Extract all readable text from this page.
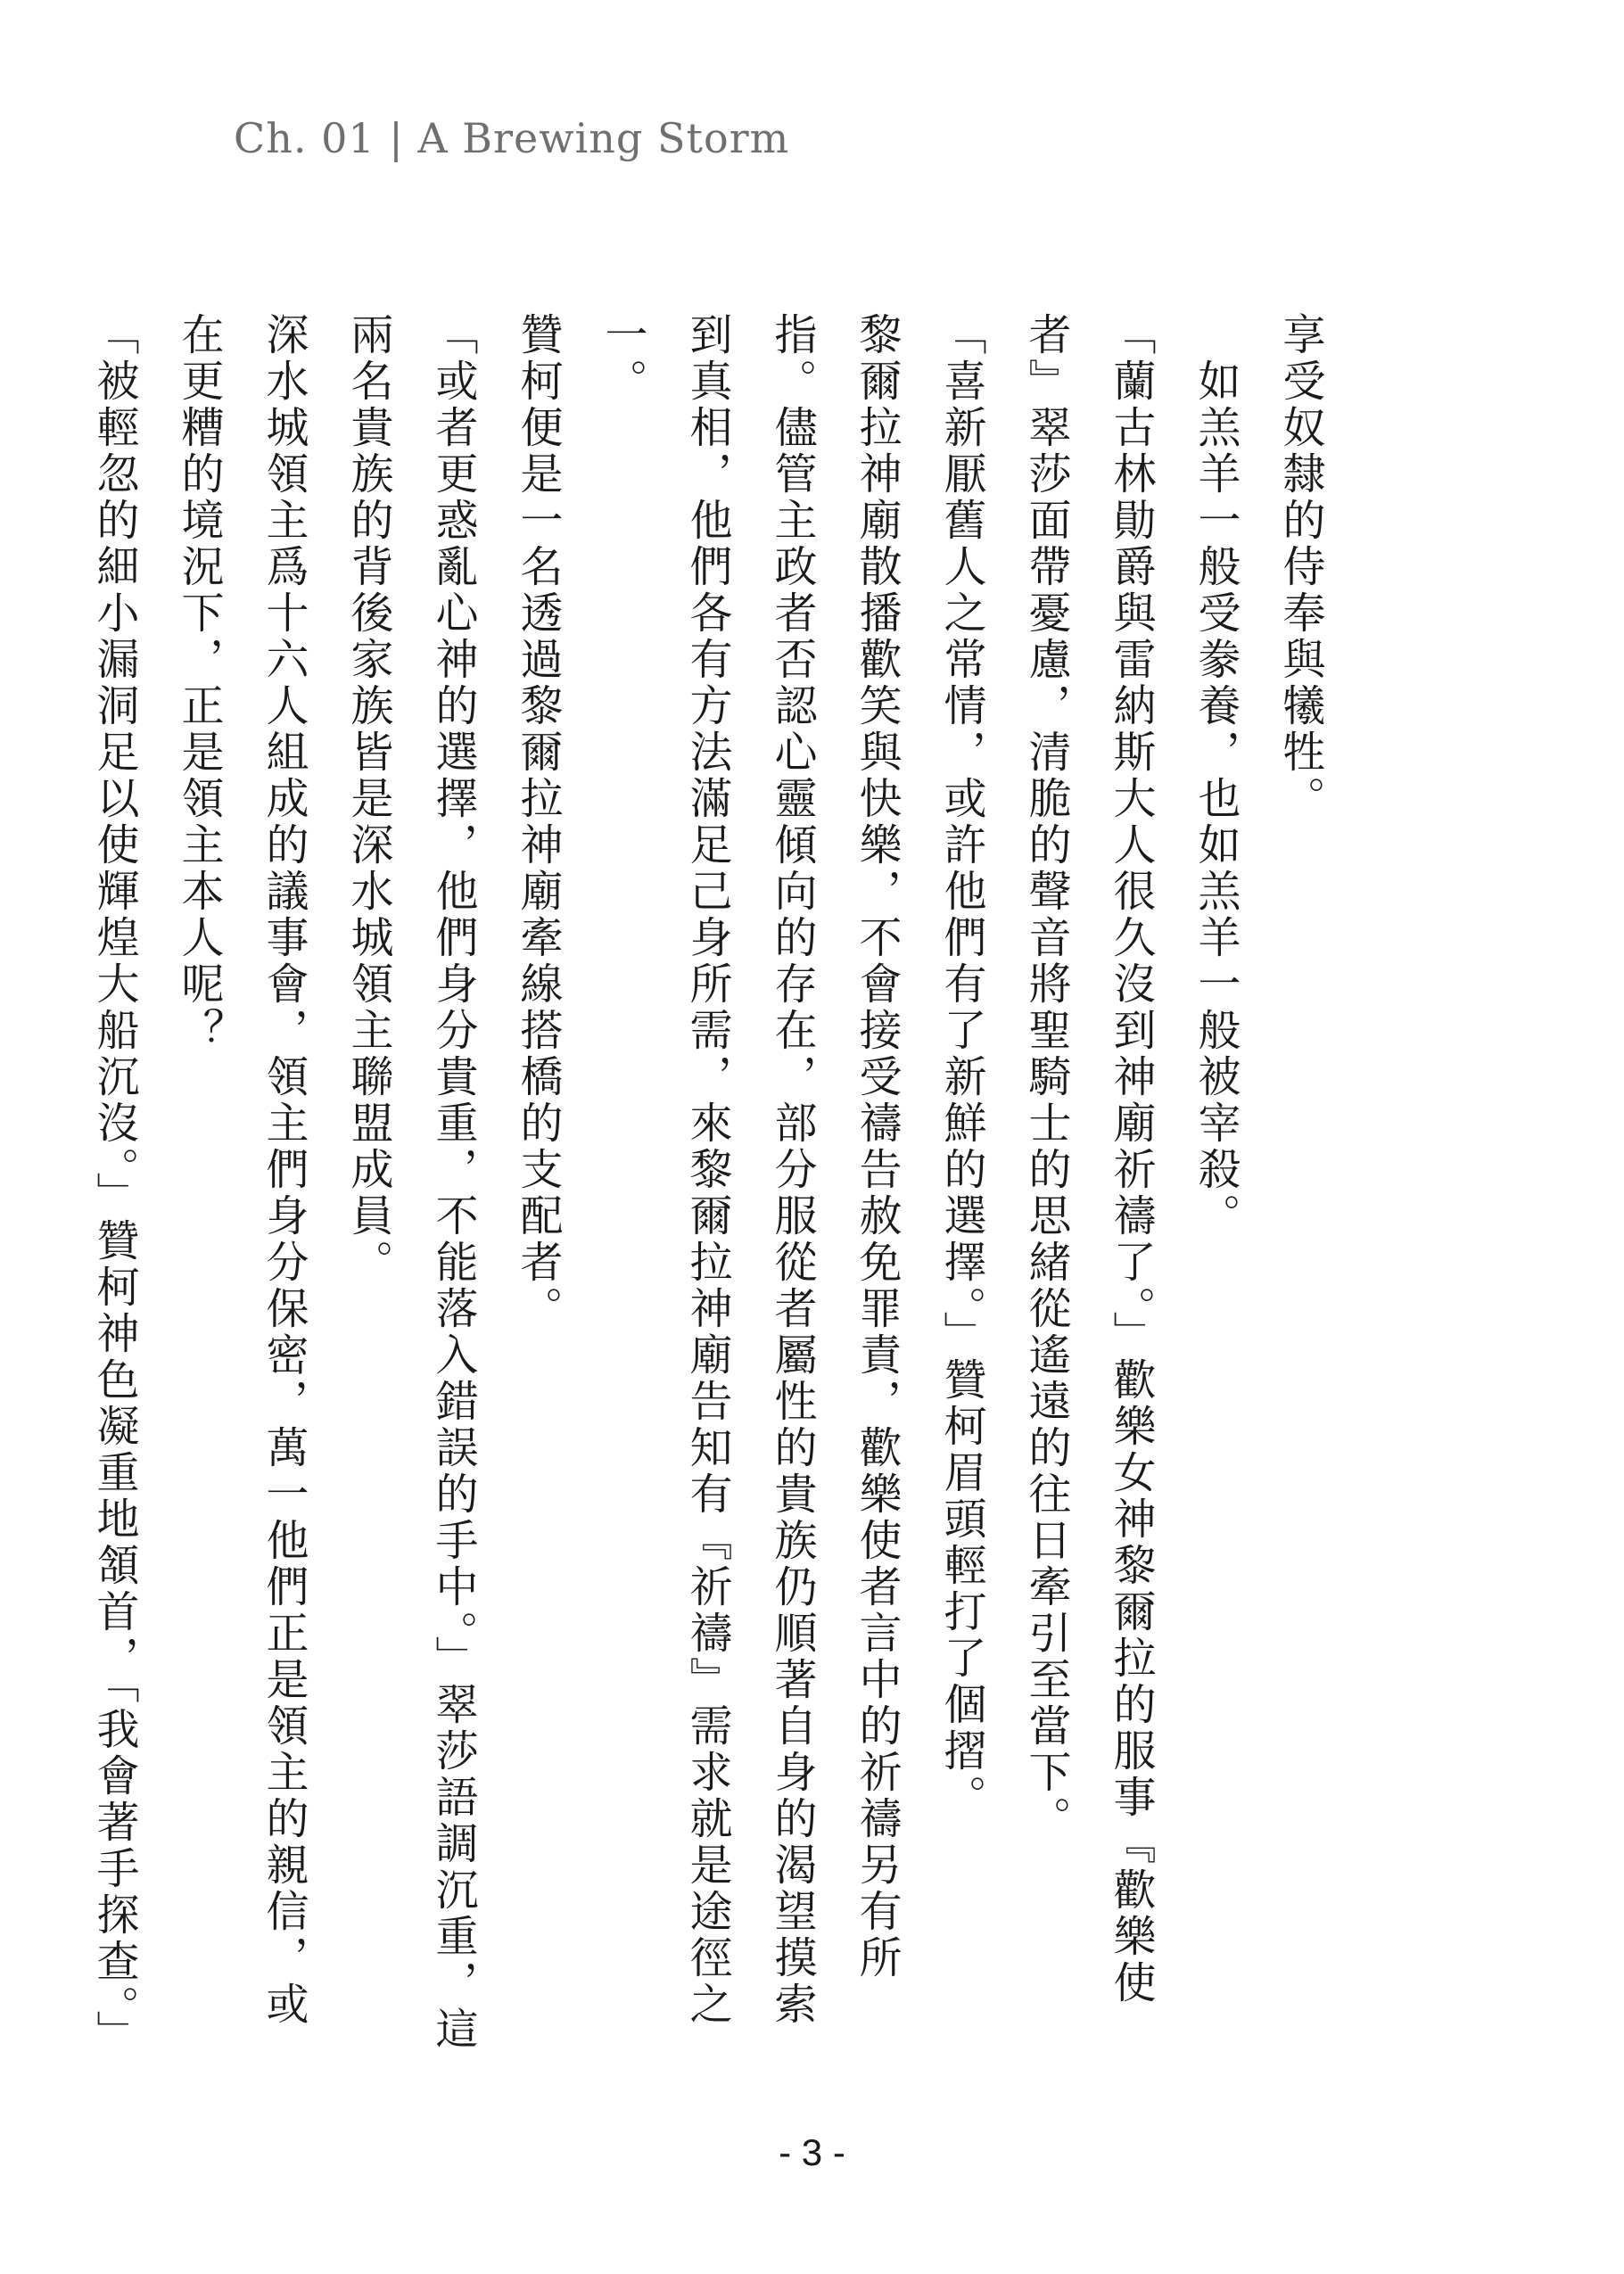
Ch. 01 | A Brewing Storm

享受奴隸的侍奉與犧牲。

　如羔羊一般受豢養，也如羔羊一般被宰殺。

「蘭古林勛爵與雷納斯大人很久沒到神廟祈禱了。」歡樂女神黎爾拉的服事『歡樂使者』翠莎面帶憂慮，清脆的聲音將聖騎士的思緒從遙遠的往日牽引至當下。

「喜新厭舊人之常情，或許他們有了新鮮的選擇。」贊柯眉頭輕打了個摺。

黎爾拉神廟散播歡笑與快樂，不會接受禱告赦免罪責，歡樂使者言中的祈禱另有所指。儘管主政者否認心靈傾向的存在，部分服從者屬性的貴族仍順著自身的渴望摸索到真相，他們各有方法滿足己身所需，來黎爾拉神廟告知有『祈禱』需求就是途徑之一。

贊柯便是一名透過黎爾拉神廟牽線搭橋的支配者。

「或者更惑亂心神的選擇，他們身分貴重，不能落入錯誤的手中。」翠莎語調沉重，這兩名貴族的背後家族皆是深水城領主聯盟成員。

深水城領主爲十六人組成的議事會，領主們身分保密，萬一他們正是領主的親信，或在更糟的境況下，正是領主本人呢？

「被輕忽的細小漏洞足以使輝煌大船沉沒。」贊柯神色凝重地頷首，「我會著手探查。」

- 3 -
